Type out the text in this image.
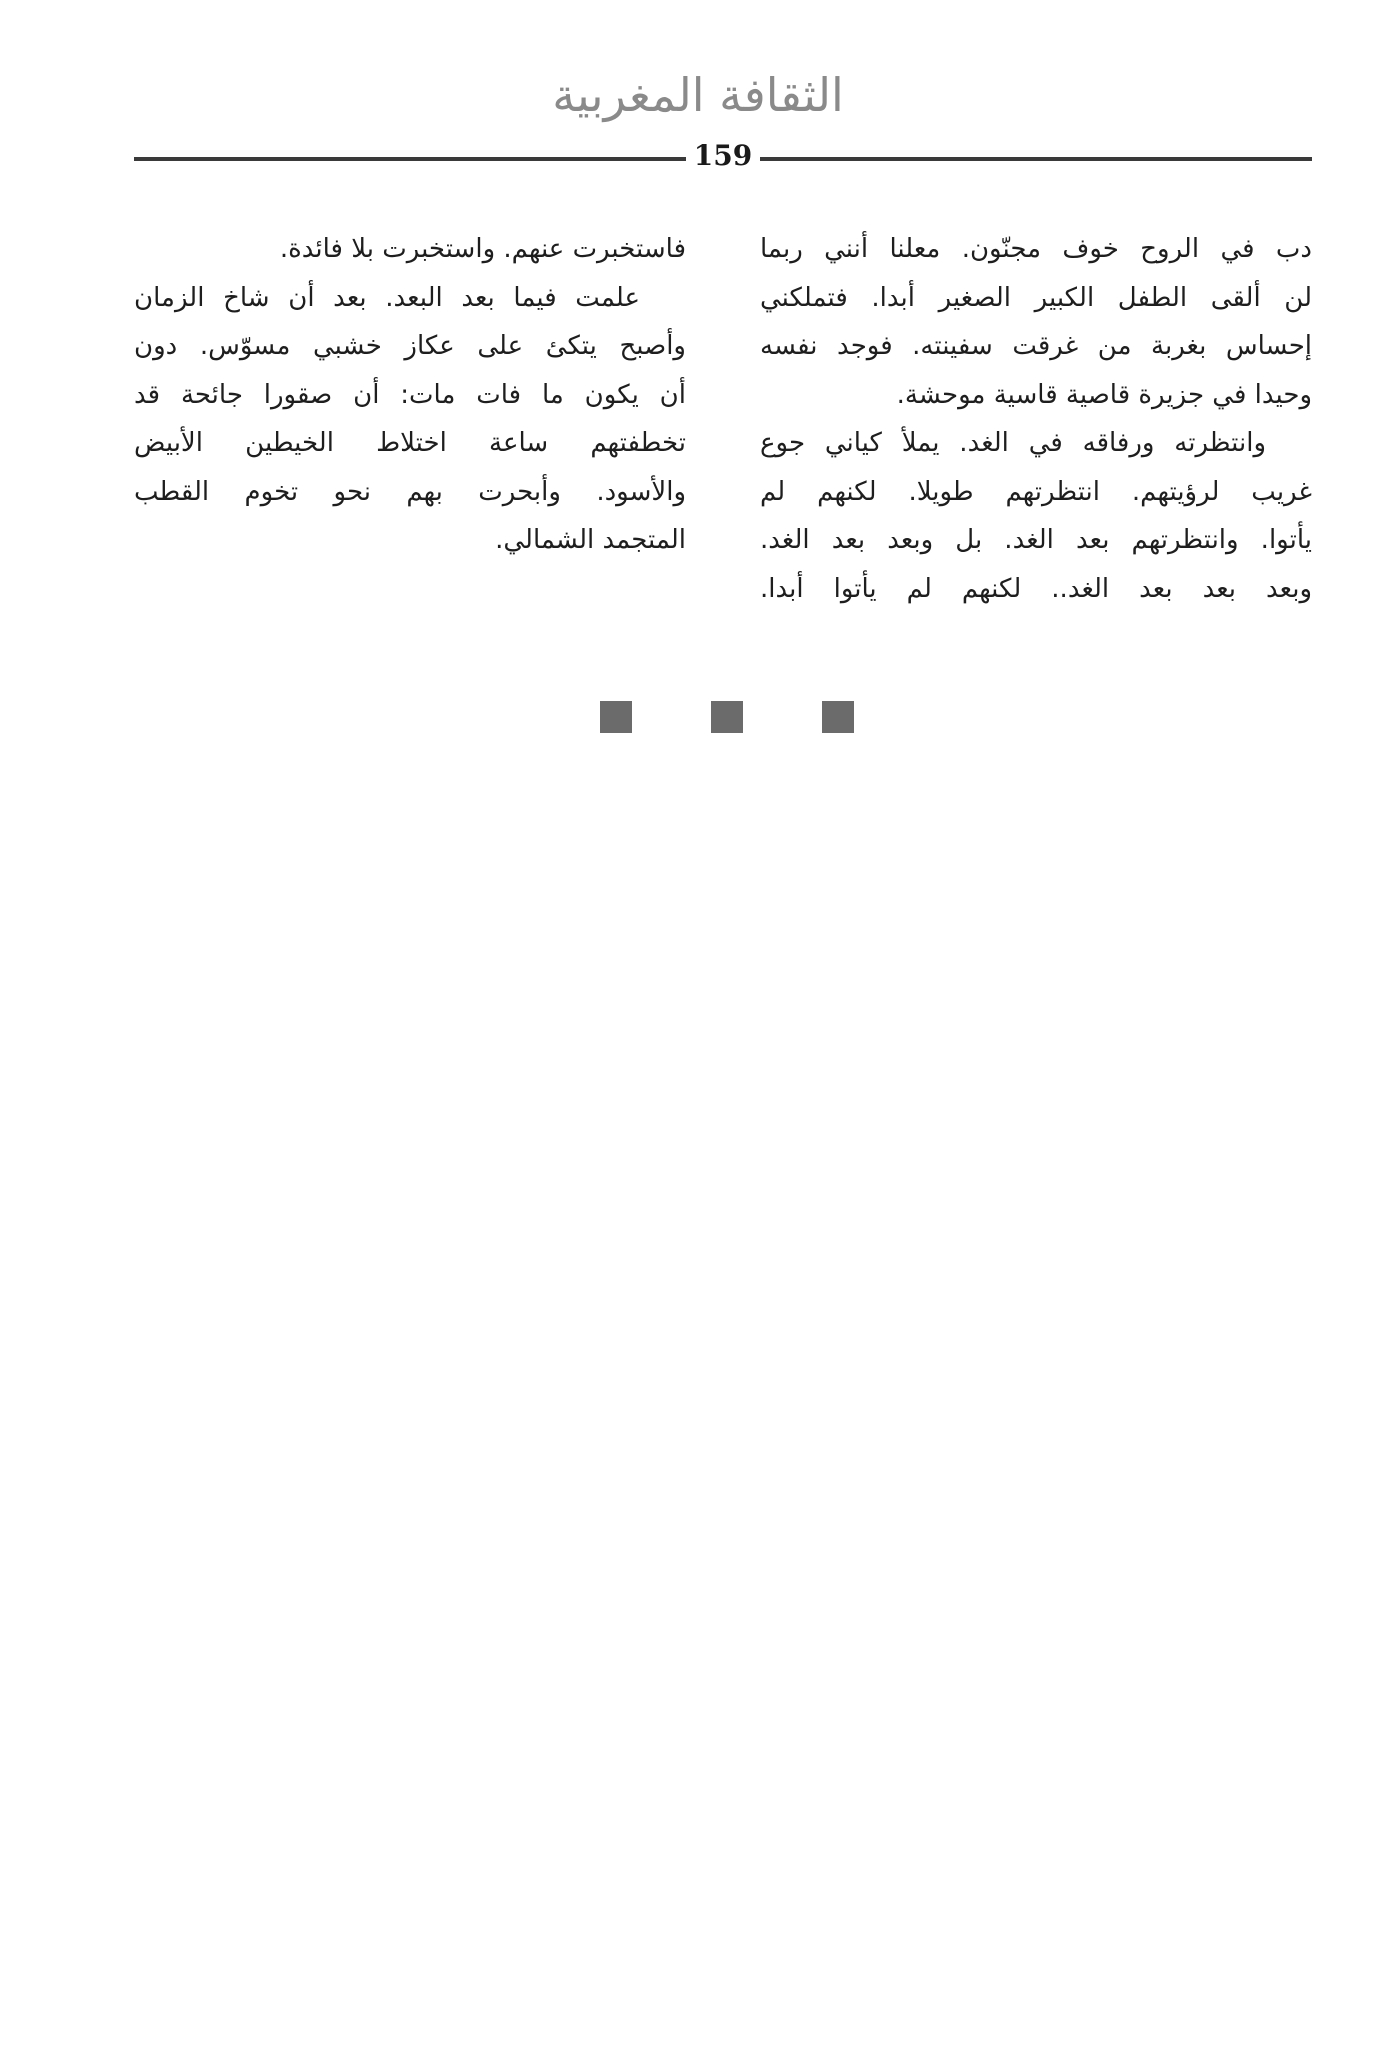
الثقافة المغربية
159
دب في الروح خوف مجنّون. معلنا أنني ربما
لن ألقى الطفل الكبير الصغير أبدا. فتملكني
إحساس بغربة من غرقت سفينته. فوجد نفسه
وحيدا في جزيرة قاصية قاسية موحشة.
وانتظرته ورفاقه في الغد. يملأ كياني جوع
غريب لرؤيتهم. انتظرتهم طويلا. لكنهم لم
يأتوا. وانتظرتهم بعد الغد. بل وبعد بعد الغد.
وبعد بعد بعد الغد.. لكنهم لم يأتوا أبدا.
فاستخبرت عنهم. واستخبرت بلا فائدة.
علمت فيما بعد البعد. بعد أن شاخ الزمان
وأصبح يتكئ على عكاز خشبي مسوّس. دون
أن يكون ما فات مات: أن صقورا جائحة قد
تخطفتهم ساعة اختلاط الخيطين الأبيض
والأسود. وأبحرت بهم نحو تخوم القطب
المتجمد الشمالي.
